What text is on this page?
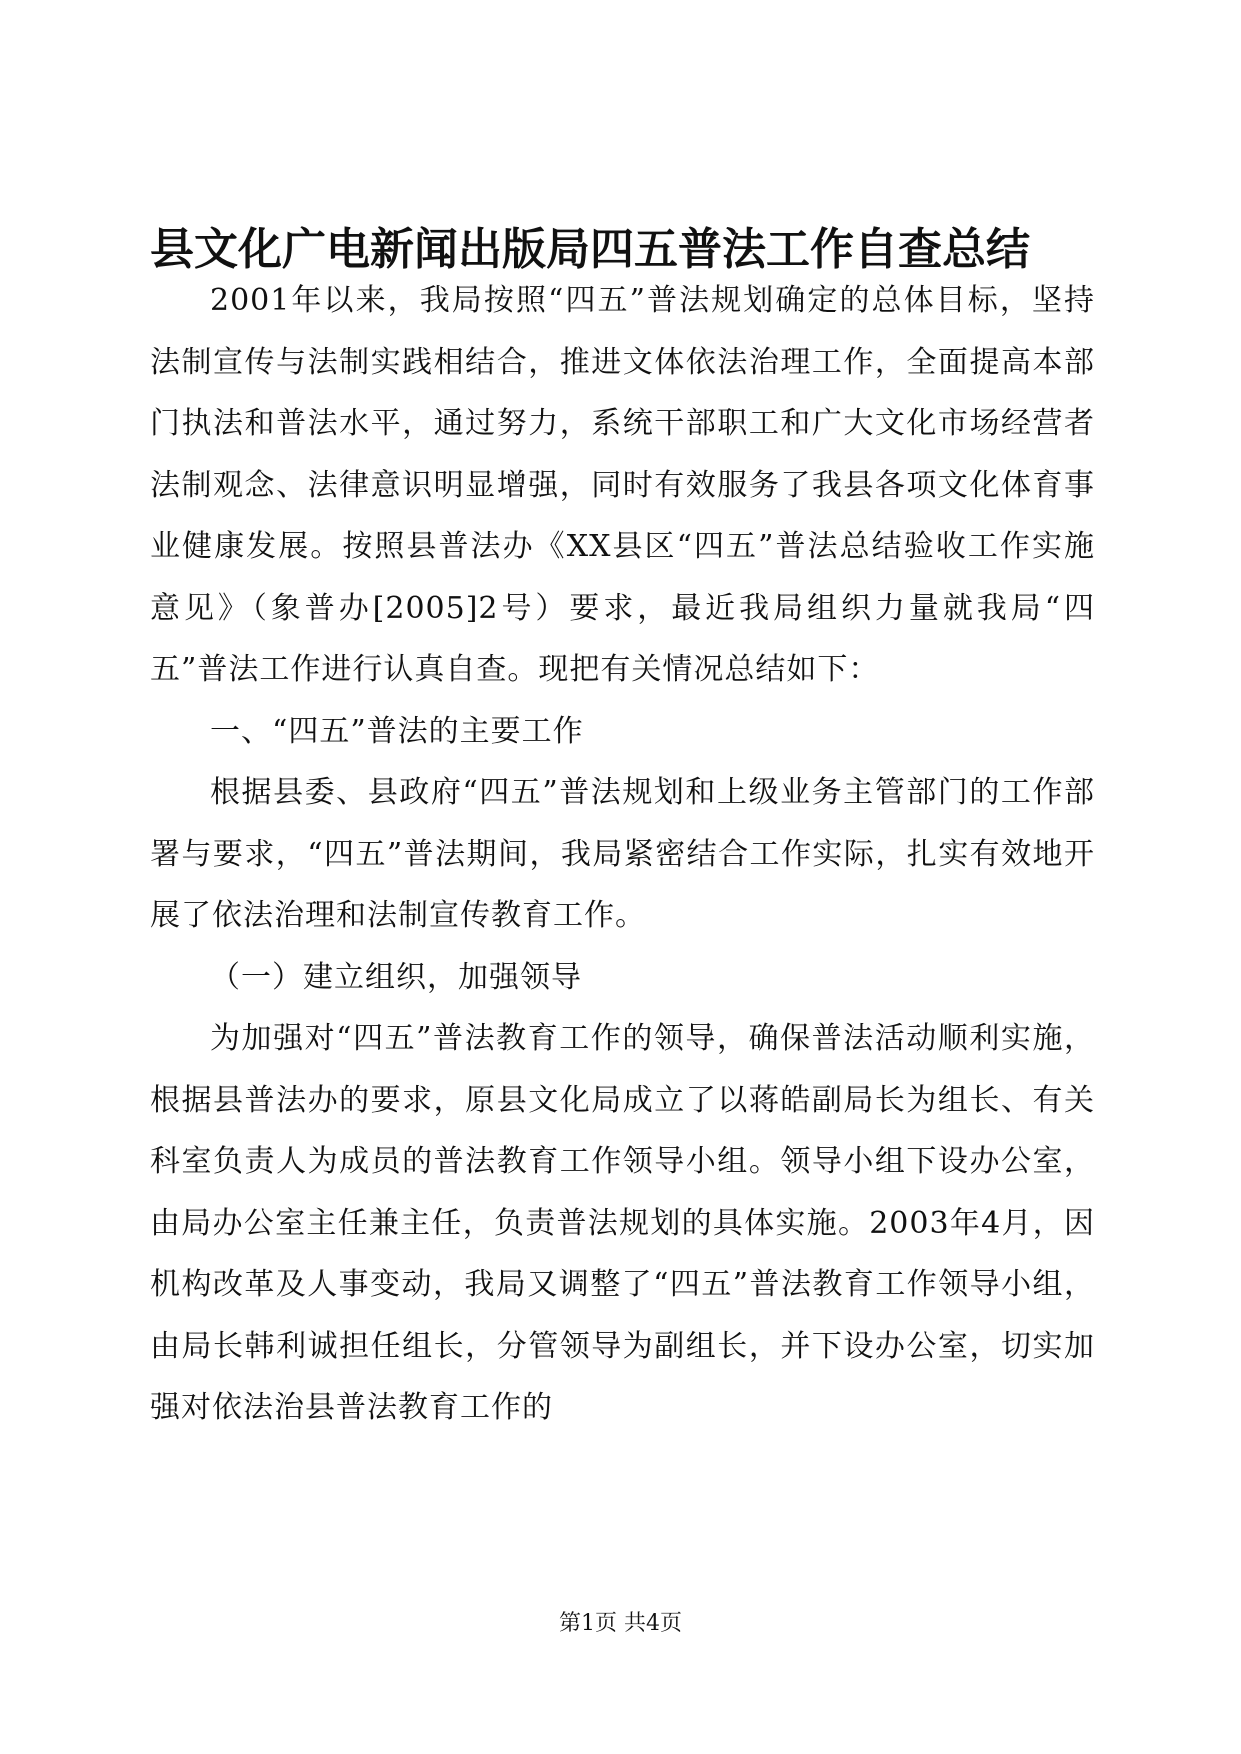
县文化广电新闻出版局四五普法工作自查总结

2001年以来，我局按照“四五”普法规划确定的总体目标，坚持法制宣传与法制实践相结合，推进文体依法治理工作，全面提高本部门执法和普法水平，通过努力，系统干部职工和广大文化市场经营者法制观念、法律意识明显增强，同时有效服务了我县各项文化体育事业健康发展。按照县普法办《XX县区“四五”普法总结验收工作实施意见》（象普办[2005]2号）要求，最近我局组织力量就我局“四五”普法工作进行认真自查。现把有关情况总结如下：

一、“四五”普法的主要工作

根据县委、县政府“四五”普法规划和上级业务主管部门的工作部署与要求，“四五”普法期间，我局紧密结合工作实际，扎实有效地开展了依法治理和法制宣传教育工作。

（一）建立组织，加强领导

为加强对“四五”普法教育工作的领导，确保普法活动顺利实施，根据县普法办的要求，原县文化局成立了以蒋皓副局长为组长、有关科室负责人为成员的普法教育工作领导小组。领导小组下设办公室，由局办公室主任兼主任，负责普法规划的具体实施。2003年4月，因机构改革及人事变动，我局又调整了“四五”普法教育工作领导小组，由局长韩利诚担任组长，分管领导为副组长，并下设办公室，切实加强对依法治县普法教育工作的

第1页 共4页
